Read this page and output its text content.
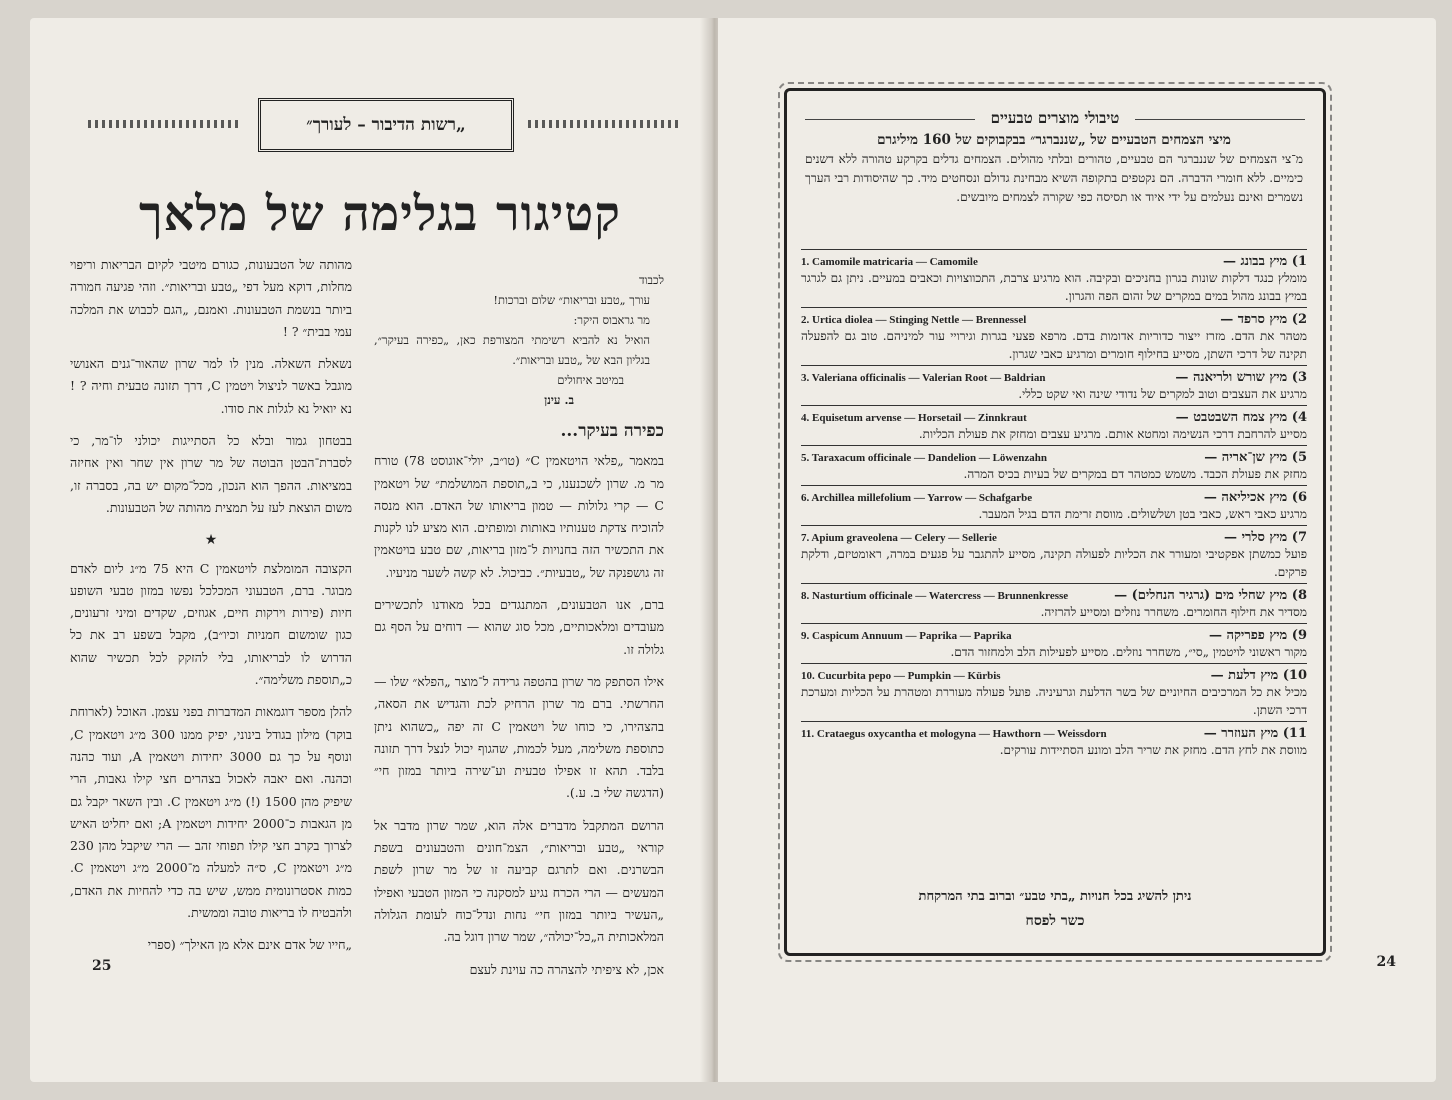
„רשות הדיבור – לעורך״
קטיגור בגלימה של מלאך
לכבוד
עורך „טבע ובריאות״ שלום וברכות!
מר גראבוס היקר:
הואיל נא להביא רשימתי המצורפת כאן, „כפירה בעיקר״, בגליון הבא של „טבע ובריאות״.
במיטב איחולים
ב. עינן
כפירה בעיקר...

במאמר „פלאי הויטאמין C״ (טו״ב, יולי־אוגוסט 78) טורח מר מ. שרון לשכנענו, כי ב„תוספת המושלמת״ של ויטאמין C — קרי גלולות — טמון בריאותו של האדם. הוא מנסה להוכיח צדקת טענותיו באותות ומופתים. הוא מציע לנו לקנות את התכשיר הזה בחנויות ל־מזון בריאות, שם טבע בויטאמין זה גושפנקה של „טבעיות״. כביכול. לא קשה לשער מניעיו.

ברם, אנו הטבעונים, המתנגדים בכל מאודנו לתכשירים מעובדים ומלאכותיים, מכל סוג שהוא — דוחים על הסף גם גלולה זו.

אילו הסתפק מר שרון בהטפה גרידה ל־מוצר „הפלא״ שלו — החרשתי. ברם מר שרון הרחיק לכת והגדיש את הסאה, בהצהירו, כי כוחו של ויטאמין C זה יפה „כשהוא ניתן כתוספת משלימה, מעל לכמות, שהגוף יכול לנצל דרך תזונה בלבד. תהא זו אפילו טבעית וע־שירה ביותר במזון חי״ (הדגשה שלי ב. ע.).

הרושם המתקבל מדברים אלה הוא, שמר שרון מדבר אל קוראי „טבע ובריאות״, הצמ־חונים והטבעונים בשפת הבשרנים. ואם לתרגם קביעה זו של מר שרון לשפת המעשים — הרי הכרח נגיע למסקנה כי המזון הטבעי ואפילו „העשיר ביותר במזון חי״ נחות ונדל־כוח לעומת הגלולה המלאכותית ה„כל־יכולה״, שמר שרון דוגל בה.

אכן, לא ציפיתי להצהרה כה עוינת לעצם

מהותה של הטבעונות, כגורם מיטבי לקיום הבריאות וריפוי מחלות, דוקא מעל דפי „טבע ובריאות״. וזהי פגיעה חמורה ביותר בנשמת הטבעונות. ואמנם, „הגם לכבוש את המלכה עמי בבית״ ? !

נשאלת השאלה. מנין לו למר שרון שהאור־גנים האנושי מוגבל באשר לניצול ויטמין C, דרך תזונה טבעית וחיה ? ! נא יואיל נא לגלות את סודו.

בבטחון גמור ובלא כל הסתייגות יכולני לו־מר, כי לסברת־הבטן הבוטה של מר שרון אין שחר ואין אחיזה במציאות. ההפך הוא הנכון, מכל־מקום יש בה, בסברה זו, משום הוצאת לעז על תמצית מהותה של הטבעונות.

★

הקצובה המומלצת לויטאמין C היא 75 מ״ג ליום לאדם מבוגר. ברם, הטבעוני המכלכל נפשו במזון טבעי השופע חיות (פירות וירקות חיים, אגוזים, שקדים ומיני זרעונים, כגון שומשום חמניות וכיו״ב), מקבל בשפע רב את כל הדרוש לו לבריאותו, בלי להזקק לכל תכשיר שהוא כ„תוספת משלימה״.

להלן מספר דוגמאות המדברות בפני עצמן. האוכל (לארוחת בוקר) מילון בגודל בינוני, יפיק ממנו 300 מ״ג ויטאמין C, ונוסף על כך גם 3000 יחידות ויטאמין A, ועוד כהנה וכהנה. ואם יאבה לאכול בצהרים חצי קילו גאבות, הרי שיפיק מהן 1500 (!) מ״ג ויטאמין C. ובין השאר יקבל גם מן הגאבות כ־2000 יחידות ויטאמין A; ואם יחליט האיש לצרוך בקרב חצי קילו תפוחי זהב — הרי שיקבל מהן 230 מ״ג ויטאמין C, ס״ה למעלה מ־2000 מ״ג ויטאמין C. כמות אסטרונומית ממש, שיש בה כדי להחיות את האדם, ולהבטיח לו בריאות טובה וממשית.

„חייו של אדם אינם אלא מן האילך״ (ספרי

25
טיבולי מוצרים טבעיים
מיצי הצמחים הטבעיים של „שננברגר״ בבקבוקים של 160 מיליגרם
מ־צי הצמחים של שננברגר הם טבעיים, טהורים ובלתי מהולים. הצמחים גדלים בקרקע טהורה ללא דשנים כימיים. ללא חומרי הדברה. הם נקטפים בתקופה השיא מבחינת גדולם ונסחטים מיד. כך שהיסודות רבי הערך נשמרים ואינם נעלמים על ידי איוד או תסיסה כפי שקורה לצמחים מיובשים.
1) מיץ בבונג —
1. Camomile matricaria — Camomile
מומלץ כנגד דלקות שונות בגרון בחניכים ובקיבה. הוא מרגיע צרבת, התכווצויות וכאבים במעיים. ניתן גם לגרגר במיץ בבונג מהול במים במקרים של זהום הפה והגרון.
2) מיץ סרפד —
2. Urtica diolea — Stinging Nettle — Brennessel
מטהר את הדם. מזרז ייצור כדוריות אדומות בדם. מרפא פצעי בגרות וגירויי עור למיניהם. טוב גם להפעלה תקינה של דרכי השתן, מסייע בחילוף חומרים ומרגיע כאבי שגרון.
3) מיץ שורש ולריאנה —
3. Valeriana officinalis — Valerian Root — Baldrian
מרגיע את העצבים וטוב למקרים של נדודי שינה ואי שקט כללי.
4) מיץ צמח השבטבט —
4. Equisetum arvense — Horsetail — Zinnkraut
מסייע להרחבת דרכי הנשימה ומחטא אותם. מרגיע עצבים ומחזק את פעולת הכליות.
5) מיץ שן־אריה —
5. Taraxacum officinale — Dandelion — Löwenzahn
מחזק את פעולת הכבד. משמש כמטהר דם במקרים של בעיות בכיס המרה.
6) מיץ אכיליאה —
6. Archillea millefolium — Yarrow — Schafgarbe
מרגיע כאבי ראש, כאבי בטן ושלשולים. מווסת זרימת הדם בגיל המעבר.
7) מיץ סלרי —
7. Apium graveolena — Celery — Sellerie
פועל כמשתן אפקטיבי ומעורר את הכליות לפעולה תקינה, מסייע להתגבר על פגעים במרה, ראומטיזם, ודלקת פרקים.
8) מיץ שחלי מים (גרגיר הנחלים) —
8. Nasturtium officinale — Watercress — Brunnenkresse
מסדיר את חילוף החומרים. משחרר נוזלים ומסייע להרזיה.
9) מיץ פפריקה —
9. Caspicum Annuum — Paprika — Paprika
מקור ראשוני לויטמין „סי״, משחרר נוזלים. מסייע לפעילות הלב ולמחזור הדם.
10) מיץ דלעת —
10. Cucurbita pepo — Pumpkin — Kürbis
מכיל את כל המרכיבים החיוניים של בשר הדלעת וגרעיניה. פועל פעולה מעוררת ומטהרת על הכליות ומערכת דרכי השתן.
11) מיץ העוזרר —
11. Crataegus oxycantha et mologyna — Hawthorn — Weissdorn
מווסת את לחץ הדם. מחזק את שריר הלב ומונע הסתיידות עורקים.
ניתן להשיג בכל חנויות „בתי טבע״ וברוב בתי המרקחת
כשר לפסח
24
